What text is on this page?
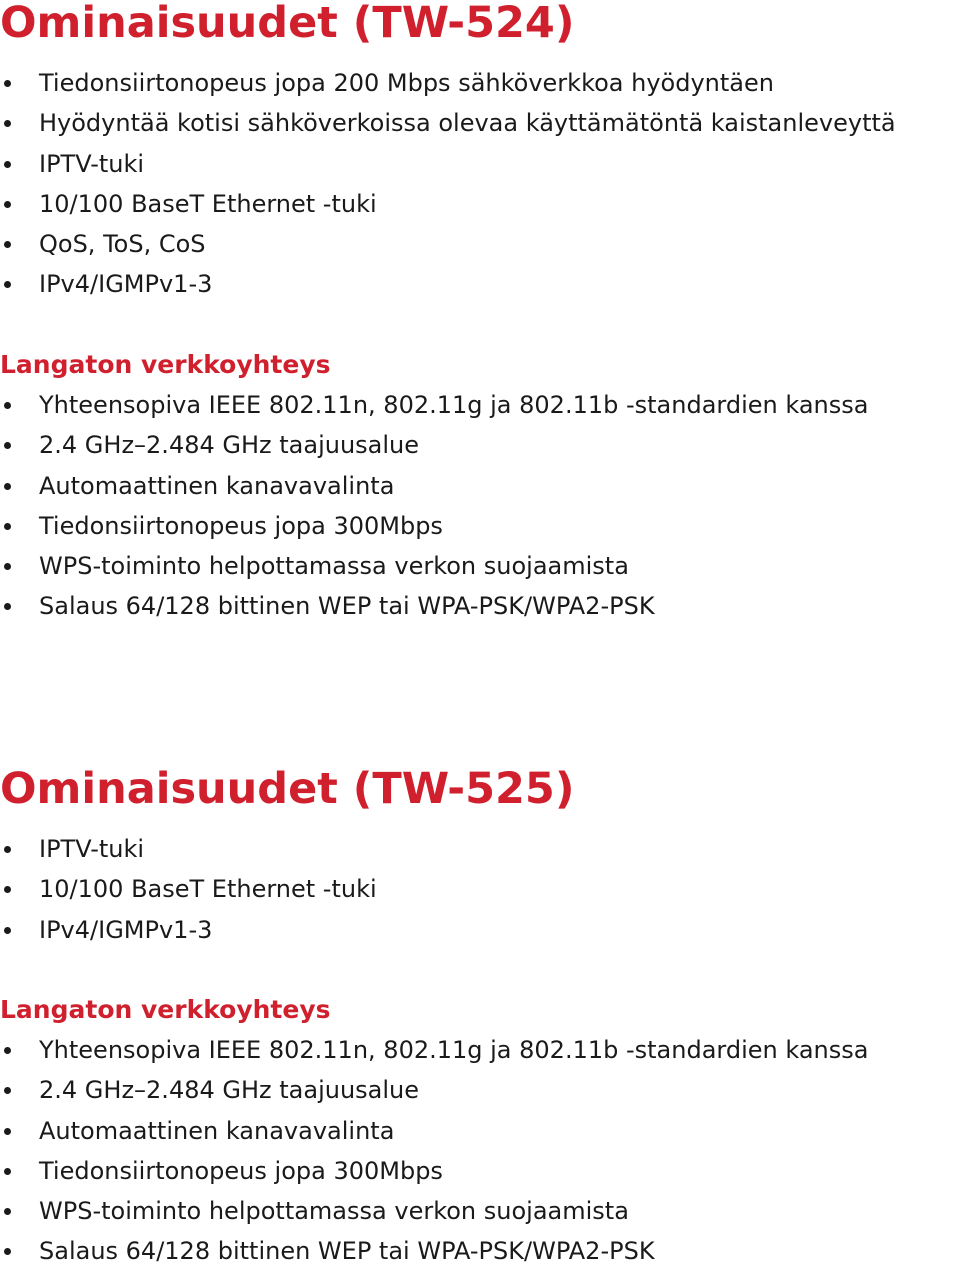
Ominaisuudet (TW-524)
Tiedonsiirtonopeus jopa 200 Mbps sähköverkkoa hyödyntäen
Hyödyntää kotisi sähköverkoissa olevaa käyttämätöntä kaistanleveyttä
IPTV-tuki
10/100 BaseT Ethernet -tuki
QoS, ToS, CoS
IPv4/IGMPv1-3
Langaton verkkoyhteys
Yhteensopiva IEEE 802.11n, 802.11g ja 802.11b -standardien kanssa
2.4 GHz–2.484 GHz taajuusalue
Automaattinen kanavavalinta
Tiedonsiirtonopeus jopa 300Mbps
WPS-toiminto helpottamassa verkon suojaamista
Salaus 64/128 bittinen WEP tai WPA-PSK/WPA2-PSK
Ominaisuudet (TW-525)
IPTV-tuki
10/100 BaseT Ethernet -tuki
IPv4/IGMPv1-3
Langaton verkkoyhteys
Yhteensopiva IEEE 802.11n, 802.11g ja 802.11b -standardien kanssa
2.4 GHz–2.484 GHz taajuusalue
Automaattinen kanavavalinta
Tiedonsiirtonopeus jopa 300Mbps
WPS-toiminto helpottamassa verkon suojaamista
Salaus 64/128 bittinen WEP tai WPA-PSK/WPA2-PSK
